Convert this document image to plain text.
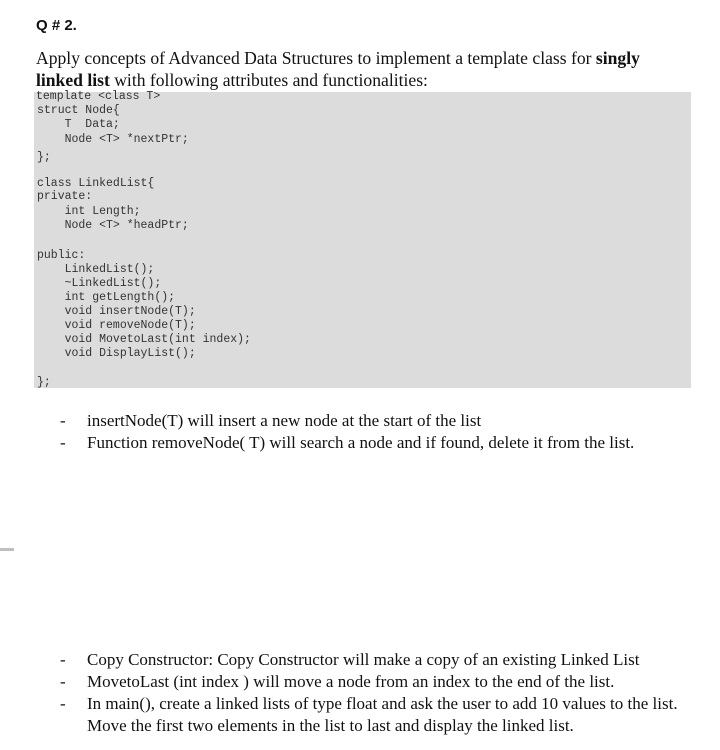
Q # 2.
Apply concepts of Advanced Data Structures to implement a template class for singly
linked list with following attributes and functionalities:
template <class T>
struct Node{
T  Data;
Node <T> *nextPtr;
};
class LinkedList{
private:
int Length;
Node <T> *headPtr;
public:
LinkedList();
~LinkedList();
int getLength();
void insertNode(T);
void removeNode(T);
void MovetoLast(int index);
void DisplayList();
};
- insertNode(T) will insert a new node at the start of the list
- Function removeNode( T) will search a node and if found, delete it from the list.
- Copy Constructor: Copy Constructor will make a copy of an existing Linked List
- MovetoLast (int index ) will move a node from an index to the end of the list.
- In main(), create a linked lists of type float and ask the user to add 10 values to the list. Move the first two elements in the list to last and display the linked list.
